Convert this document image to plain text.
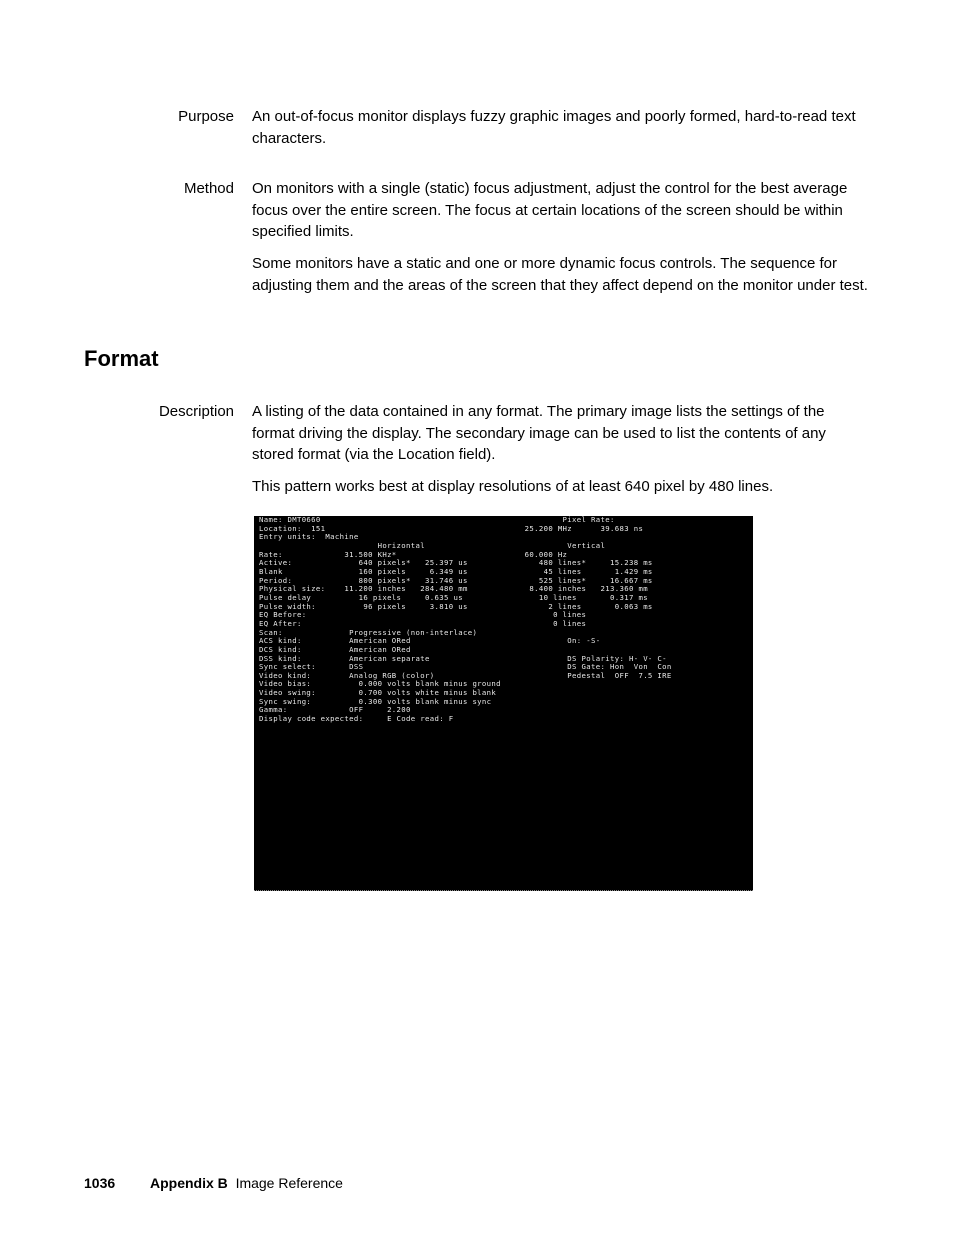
Purpose An out-of-focus monitor displays fuzzy graphic images and poorly formed, hard-to-read text characters.

Method On monitors with a single (static) focus adjustment, adjust the control for the best average focus over the entire screen. The focus at certain locations of the screen should be within specified limits.

Some monitors have a static and one or more dynamic focus controls. The sequence for adjusting them and the areas of the screen that they affect depend on the monitor under test.

Format
Description A listing of the data contained in any format. The primary image lists the settings of the format driving the display. The secondary image can be used to list the contents of any stored format (via the Location field).

This pattern works best at display resolutions of at least 640 pixel by 480 lines.

Name: DMT0660                                                   Pixel Rate:
Location:  151                                          25.200 MHz      39.683 ns
Entry units:  Machine
Horizontal                              Vertical
Rate:             31.500 KHz*                           60.000 Hz
Active:              640 pixels*   25.397 us               480 lines*     15.238 ms
Blank                160 pixels     6.349 us                45 lines       1.429 ms
Period:              800 pixels*   31.746 us               525 lines*     16.667 ms
Physical size:    11.200 inches   284.480 mm             8.400 inches   213.360 mm
Pulse delay          16 pixels     0.635 us                10 lines       0.317 ms
Pulse width:          96 pixels     3.810 us                 2 lines       0.063 ms
EQ Before:                                                    0 lines
EQ After:                                                     0 lines
Scan:              Progressive (non-interlace)
ACS kind:          American ORed                                 On: -S-
DCS kind:          American ORed
DSS kind:          American separate                             DS Polarity: H- V- C-
Sync select:       DSS                                           DS Gate: Hon  Von  Con
Video kind:        Analog RGB (color)                            Pedestal  OFF  7.5 IRE
Video bias:          0.000 volts blank minus ground
Video swing:         0.700 volts white minus blank
Sync swing:          0.300 volts blank minus sync
Gamma:             OFF     2.200
Display code expected:     E Code read: F
1036 Appendix B Image Reference
